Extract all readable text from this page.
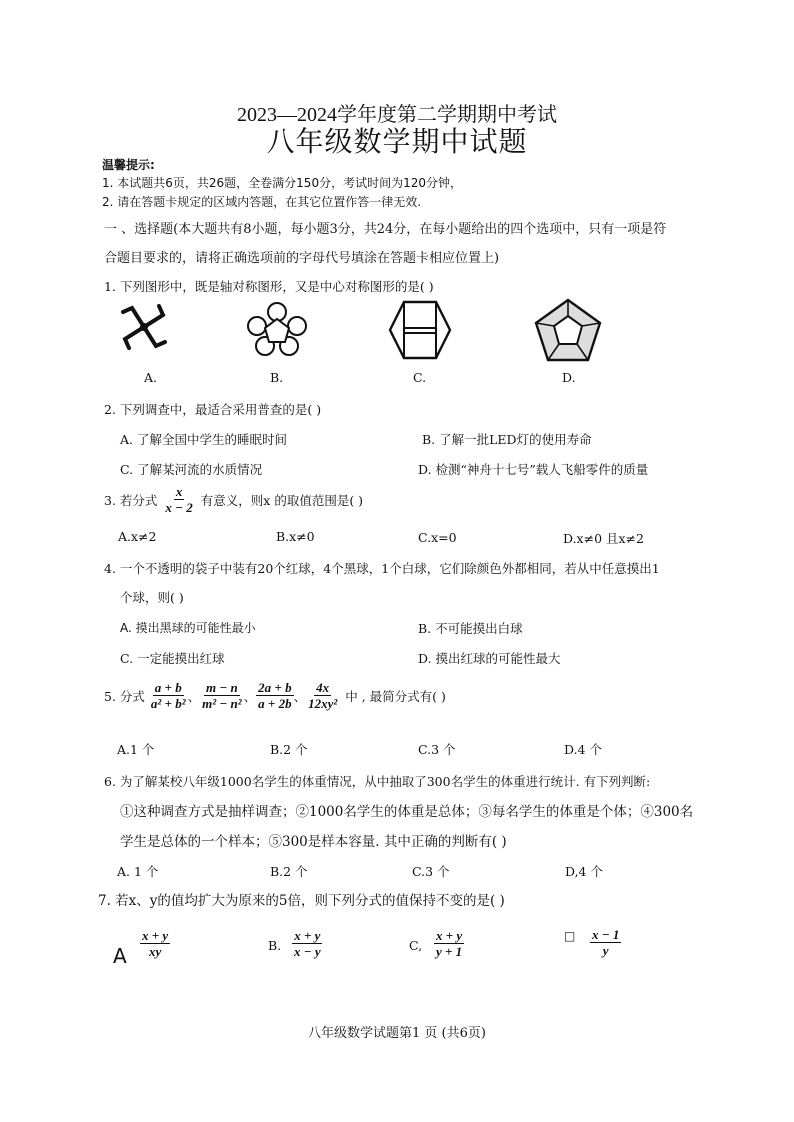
2023—2024学年度第二学期期中考试
八年级数学期中试题
温馨提示:
1. 本试题共6页，共26题，全卷满分150分，考试时间为120分钟，
2. 请在答题卡规定的区域内答题，在其它位置作答一律无效.
一 、选择题(本大题共有8小题，每小题3分，共24分，在每小题给出的四个选项中，只有一项是符
合题目要求的，请将正确选项前的字母代号填涂在答题卡相应位置上)
1. 下列图形中，既是轴对称图形，又是中心对称图形的是( )
A.	B.	C.	D.
2. 下列调查中，最适合采用普查的是( )
A. 了解全国中学生的睡眠时间	B. 了解一批LED灯的使用寿命
C. 了解某河流的水质情况	D. 检测“神舟十七号”载人飞船零件的质量
3. 若分式 $\frac{x}{x - 2}$ 有意义，则x 的取值范围是( )
A.x≠2	B.x≠0	C.x=0	D.x≠0 且x≠2
4. 一个不透明的袋子中装有20个红球，4个黑球，1个白球，它们除颜色外都相同，若从中任意摸出1
个球，则( )
A. 摸出黑球的可能性最小	B. 不可能摸出白球
C. 一定能摸出红球	D. 摸出红球的可能性最大
5. 分式 $\frac{a + b}{\text{a² + b²}}$ 、 $\frac{m - n}{\text{m² − n²}}$ 、 $\frac{2a + b}{a + 2b}$ 、 $\frac{4x}{\text{12xy²}}$ 中 , 最简分式有( )
A.1 个	B.2 个	C.3 个	D.4 个
6. 为了解某校八年级1000名学生的体重情况，从中抽取了300名学生的体重进行统计. 有下列判断:
①这种调查方式是抽样调查；②1000名学生的体重是总体；③每名学生的体重是个体；④300名
学生是总体的一个样本；⑤300是样本容量. 其中正确的判断有( )
A. 1 个	B.2 个	C.3 个	D,4 个
7. 若x、y的值均扩大为原来的5倍，则下列分式的值保持不变的是( )
A $\frac{x + y}{xy}$	B. $\frac{x + y}{x - y}$	C, $\frac{x + y}{y + 1}$	□ $\frac{x - 1}{y}$
八年级数学试题第1 页 (共6页)
